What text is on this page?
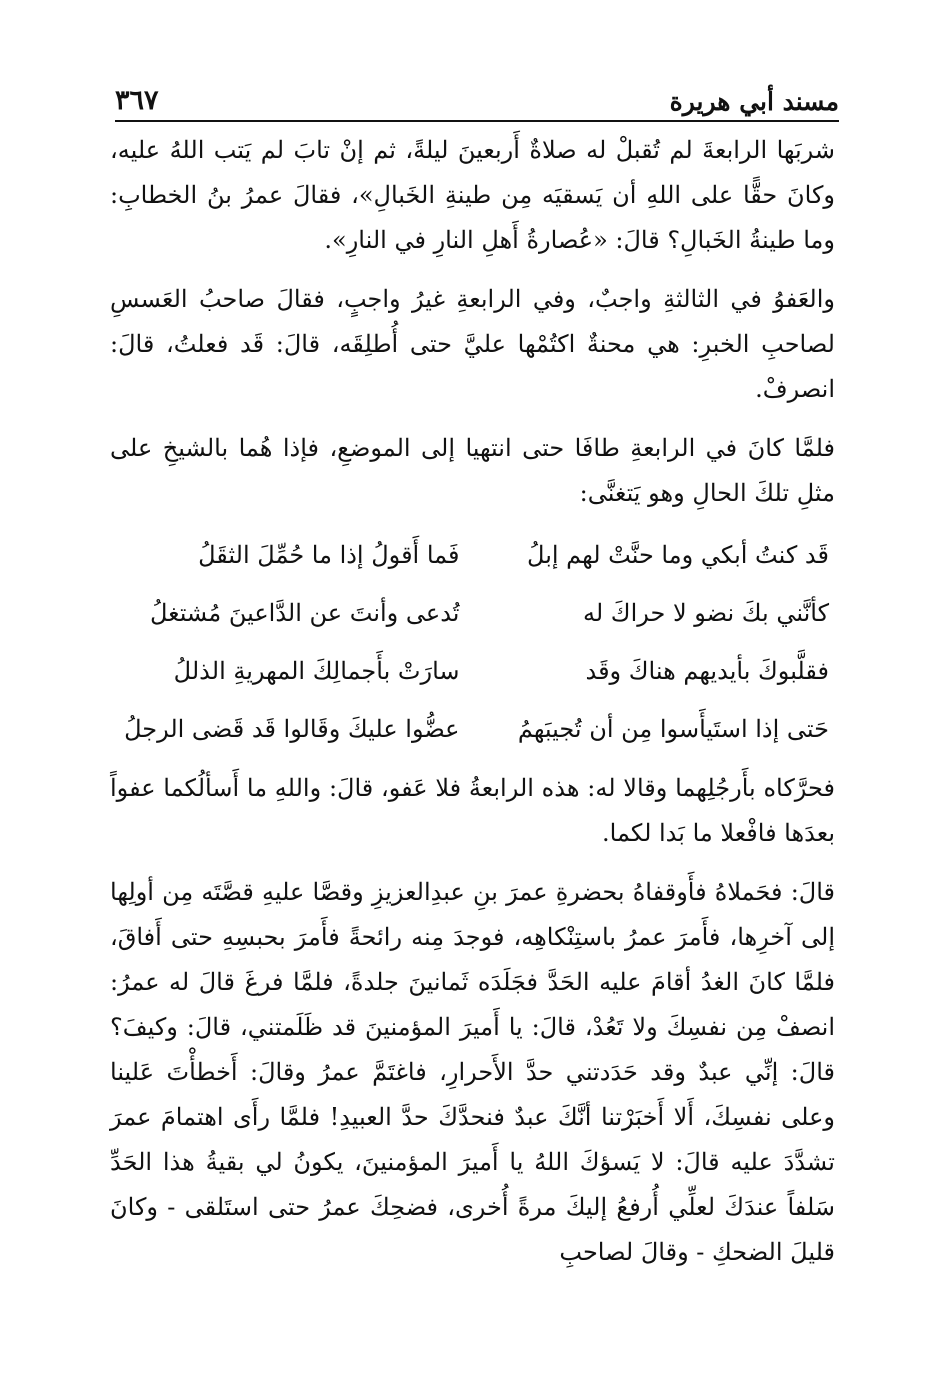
مسند أبي هريرة
٣٦٧

شربَها الرابعةَ لم تُقبلْ له صلاةٌ أَربعينَ ليلةً، ثم إنْ تابَ لم يَتب اللهُ عليه، وكانَ حقًّا على اللهِ أن يَسقيَه مِن طينةِ الخَبالِ»، فقالَ عمرُ بنُ الخطابِ: وما طينةُ الخَبالِ؟ قالَ: «عُصارةُ أَهلِ النارِ في النارِ».

والعَفوُ في الثالثةِ واجبٌ، وفي الرابعةِ غيرُ واجبٍ، فقالَ صاحبُ العَسسِ لصاحبِ الخبرِ: هي محنةٌ اكتُمْها عليَّ حتى أُطلِقَه، قالَ: قَد فعلتُ، قالَ: انصرفْ.

فلمَّا كانَ في الرابعةِ طافَا حتى انتهيا إلى الموضعِ، فإذا هُما بالشيخِ على مثلِ تلكَ الحالِ وهو يَتغنَّى:

قَد كنتُ أبكي وما حنَّتْ لهم إبلُ
فَما أَقولُ إذا ما حُمِّلَ الثقَلُ
كأنَّني بكَ نضو لا حراكَ له
تُدعى وأنتَ عن الدَّاعينَ مُشتغلُ
فقلَّبوكَ بأيديهم هناكَ وقَد
سارَتْ بأَجمالِكَ المهريةِ الذللُ
حَتى إذا استَيأَسوا مِن أن تُجيبَهمُ
عضُّوا عليكَ وقَالوا قَد قَضى الرجلُ

فحرَّكاه بأَرجُلِهما وقالا له: هذه الرابعةُ فلا عَفو، قالَ: واللهِ ما أَسألُكما عفواً بعدَها فافْعلا ما بَدا لكما.

قالَ: فحَملاهُ فأَوقفاهُ بحضرةِ عمرَ بنِ عبدِالعزيزِ وقصَّا عليهِ قصَّتَه مِن أولِها إلى آخرِها، فأَمرَ عمرُ باستِنْكاهِه، فوجدَ مِنه رائحةً فأَمرَ بحبسِهِ حتى أَفاقَ، فلمَّا كانَ الغدُ أقامَ عليه الحَدَّ فجَلَدَه ثَمانينَ جلدةً، فلمَّا فرغَ قالَ له عمرُ: انصفْ مِن نفسِكَ ولا تَعُدْ، قالَ: يا أَميرَ المؤمنينَ قد ظَلَمتني، قالَ: وكيفَ؟ قالَ: إنِّي عبدٌ وقد حَدَدتني حدَّ الأَحرارِ، فاغتَمَّ عمرُ وقالَ: أَخطأْتَ عَلينا وعلى نفسِكَ، أَلا أَخبَرْتنا أنَّكَ عبدٌ فنحدَّكَ حدَّ العبيدِ! فلمَّا رأَى اهتمامَ عمرَ تشدَّدَ عليه قالَ: لا يَسؤكَ اللهُ يا أَميرَ المؤمنينَ، يكونُ لي بقيةُ هذا الحَدِّ سَلفاً عندَكَ لعلِّي أُرفعُ إليكَ مرةً أُخرى، فضحِكَ عمرُ حتى استَلقى - وكانَ قليلَ الضحكِ - وقالَ لصاحبِ
